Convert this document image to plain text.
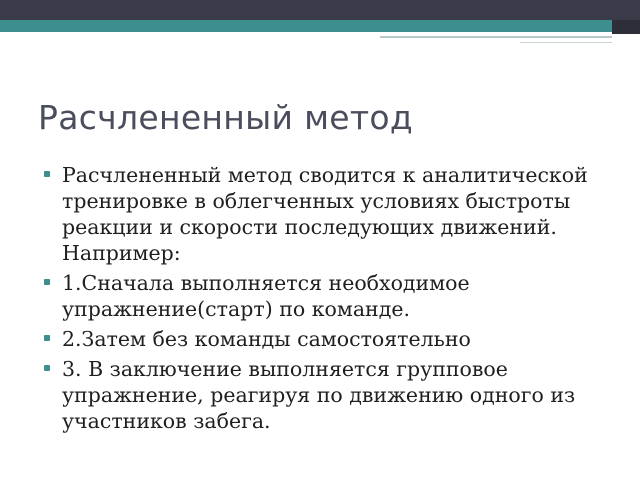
Расчлененный метод
Расчлененный метод сводится к аналитической тренировке в облегченных условиях быстроты реакции и скорости последующих движений. Например:
1.Сначала выполняется необходимое упражнение(старт) по команде.
2.Затем без команды самостоятельно
3. В заключение выполняется групповое упражнение, реагируя по движению одного из участников забега.
